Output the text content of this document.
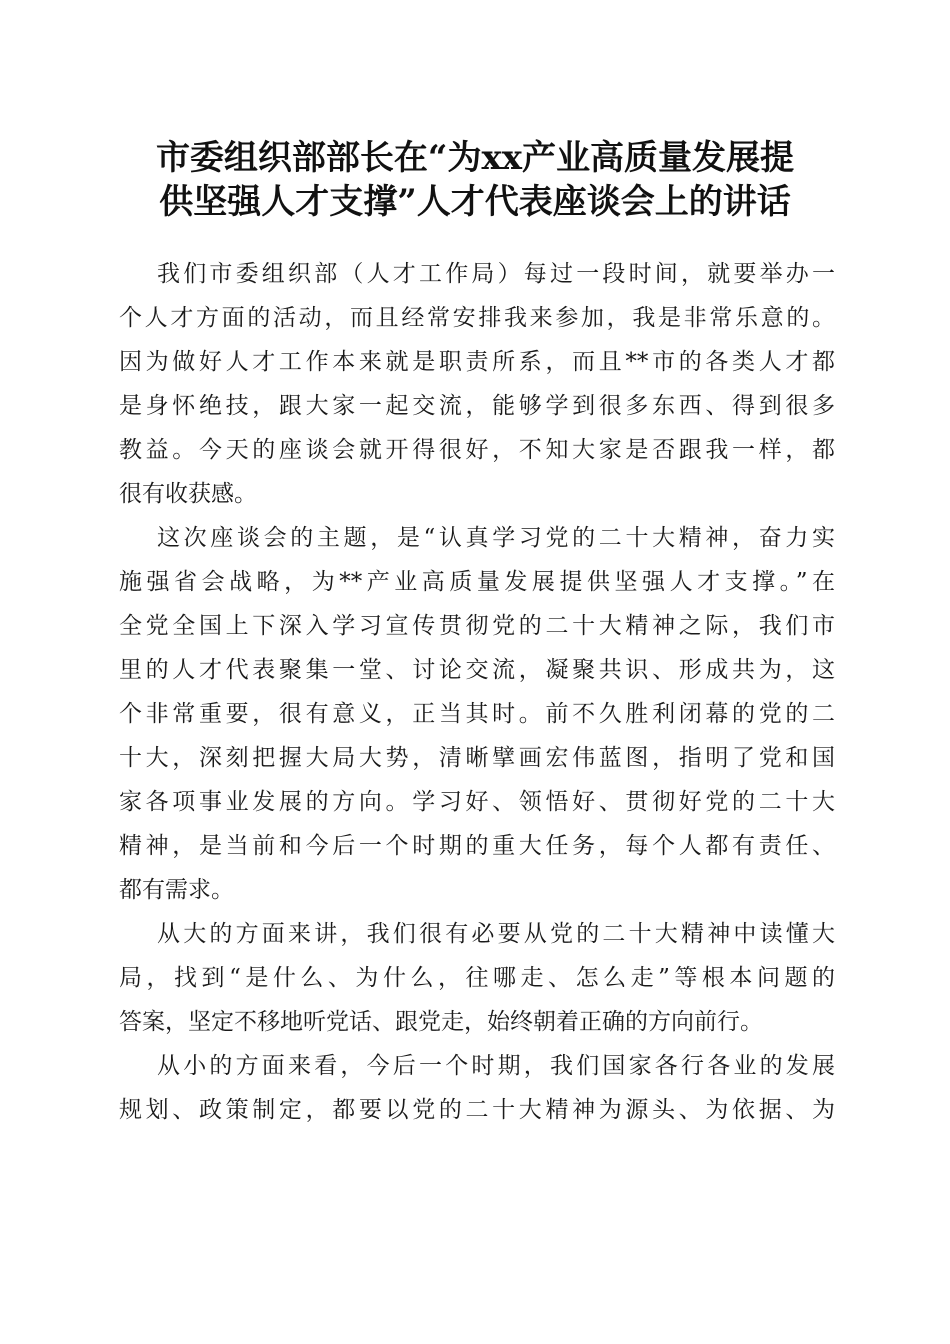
市委组织部部长在“为xx产业高质量发展提
供坚强人才支撑”人才代表座谈会上的讲话
我们市委组织部（人才工作局）每过一段时间，就要举办一
个人才方面的活动，而且经常安排我来参加，我是非常乐意的。
因为做好人才工作本来就是职责所系，而且**市的各类人才都
是身怀绝技，跟大家一起交流，能够学到很多东西、得到很多
教益。今天的座谈会就开得很好，不知大家是否跟我一样，都
很有收获感。
这次座谈会的主题，是“认真学习党的二十大精神，奋力实
施强省会战略，为**产业高质量发展提供坚强人才支撑。”在
全党全国上下深入学习宣传贯彻党的二十大精神之际，我们市
里的人才代表聚集一堂、讨论交流，凝聚共识、形成共为，这
个非常重要，很有意义，正当其时。前不久胜利闭幕的党的二
十大，深刻把握大局大势，清晰擘画宏伟蓝图，指明了党和国
家各项事业发展的方向。学习好、领悟好、贯彻好党的二十大
精神，是当前和今后一个时期的重大任务，每个人都有责任、
都有需求。
从大的方面来讲，我们很有必要从党的二十大精神中读懂大
局，找到“是什么、为什么，往哪走、怎么走”等根本问题的
答案，坚定不移地听党话、跟党走，始终朝着正确的方向前行。
从小的方面来看，今后一个时期，我们国家各行各业的发展
规划、政策制定，都要以党的二十大精神为源头、为依据、为
